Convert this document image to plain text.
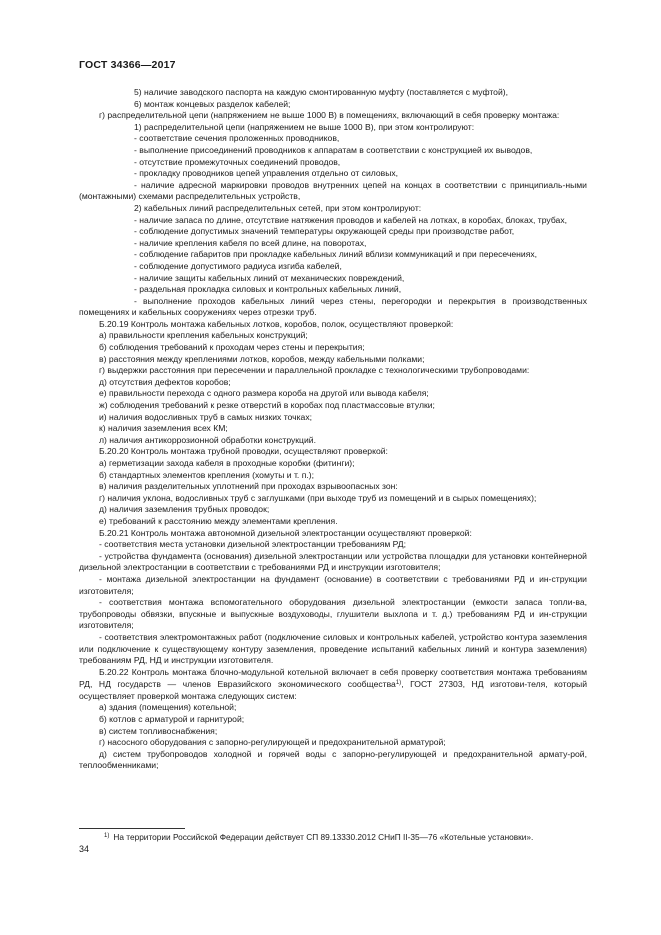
ГОСТ 34366—2017

5) наличие заводского паспорта на каждую смонтированную муфту (поставляется с муфтой),

6) монтаж концевых разделок кабелей;

г) распределительной цепи (напряжением не выше 1000 В) в помещениях, включающий в себя проверку монтажа:

1) распределительной цепи (напряжением не выше 1000 В), при этом контролируют:

- соответствие сечения проложенных проводников,

- выполнение присоединений проводников к аппаратам в соответствии с конструкцией их выводов,

- отсутствие промежуточных соединений проводов,

- прокладку проводников цепей управления отдельно от силовых,

- наличие адресной маркировки проводов внутренних цепей на концах в соответствии с принципиаль-ными (монтажными) схемами распределительных устройств,

2) кабельных линий распределительных сетей, при этом контролируют:

- наличие запаса по длине, отсутствие натяжения проводов и кабелей на лотках, в коробах, блоках, трубах,

- соблюдение допустимых значений температуры окружающей среды при производстве работ,

- наличие крепления кабеля по всей длине, на поворотах,

- соблюдение габаритов при прокладке кабельных линий вблизи коммуникаций и при пересечениях,

- соблюдение допустимого радиуса изгиба кабелей,

- наличие защиты кабельных линий от механических повреждений,

- раздельная прокладка силовых и контрольных кабельных линий,

- выполнение проходов кабельных линий через стены, перегородки и перекрытия в производственных помещениях и кабельных сооружениях через отрезки труб.

Б.20.19 Контроль монтажа кабельных лотков, коробов, полок, осуществляют проверкой:

а) правильности крепления кабельных конструкций;

б) соблюдения требований к проходам через стены и перекрытия;

в) расстояния между креплениями лотков, коробов, между кабельными полками;

г) выдержки расстояния при пересечении и параллельной прокладке с технологическими трубопроводами:

д) отсутствия дефектов коробов;

е) правильности перехода с одного размера короба на другой или вывода кабеля;

ж) соблюдения требований к резке отверстий в коробах под пластмассовые втулки;

и) наличия водосливных труб в самых низких точках;

к) наличия заземления всех КМ;

л) наличия антикоррозионной обработки конструкций.

Б.20.20 Контроль монтажа трубной проводки, осуществляют проверкой:

а) герметизации захода кабеля в проходные коробки (фитинги);

б) стандартных элементов крепления (хомуты и т. п.);

в) наличия разделительных уплотнений при проходах взрывоопасных зон:

г) наличия уклона, водосливных труб с заглушками (при выходе труб из помещений и в сырых помещениях);

д) наличия заземления трубных проводок;

е) требований к расстоянию между элементами крепления.

Б.20.21 Контроль монтажа автономной дизельной электростанции осуществляют проверкой:

- соответствия места установки дизельной электростанции требованиям РД;

- устройства фундамента (основания) дизельной электростанции или устройства площадки для установки контейнерной дизельной электростанции в соответствии с требованиями РД и инструкции изготовителя;

- монтажа дизельной электростанции на фундамент (основание) в соответствии с требованиями РД и ин-струкции изготовителя;

- соответствия монтажа вспомогательного оборудования дизельной электростанции (емкости запаса топли-ва, трубопроводы обвязки, впускные и выпускные воздуховоды, глушители выхлопа и т. д.) требованиям РД и ин-струкции изготовителя;

- соответствия электромонтажных работ (подключение силовых и контрольных кабелей, устройство контура заземления или подключение к существующему контуру заземления, проведение испытаний кабельных линий и контура заземления) требованиям РД, НД и инструкции изготовителя.

Б.20.22 Контроль монтажа блочно-модульной котельной включает в себя проверку соответствия монтажа требованиям РД, НД государств — членов Евразийского экономического сообщества$^{1)}$, ГОСТ 27303, НД изготови-теля, который осуществляет проверкой монтажа следующих систем:

а) здания (помещения) котельной;

б) котлов с арматурой и гарнитурой;

в) систем топливоснабжения;

г) насосного оборудования с запорно-регулирующей и предохранительной арматурой;

д) систем трубопроводов холодной и горячей воды с запорно-регулирующей и предохранительной армату-рой, теплообменниками;

$^{1)}$ На территории Российской Федерации действует СП 89.13330.2012 СНиП II-35—76 «Котельные установки».
34
